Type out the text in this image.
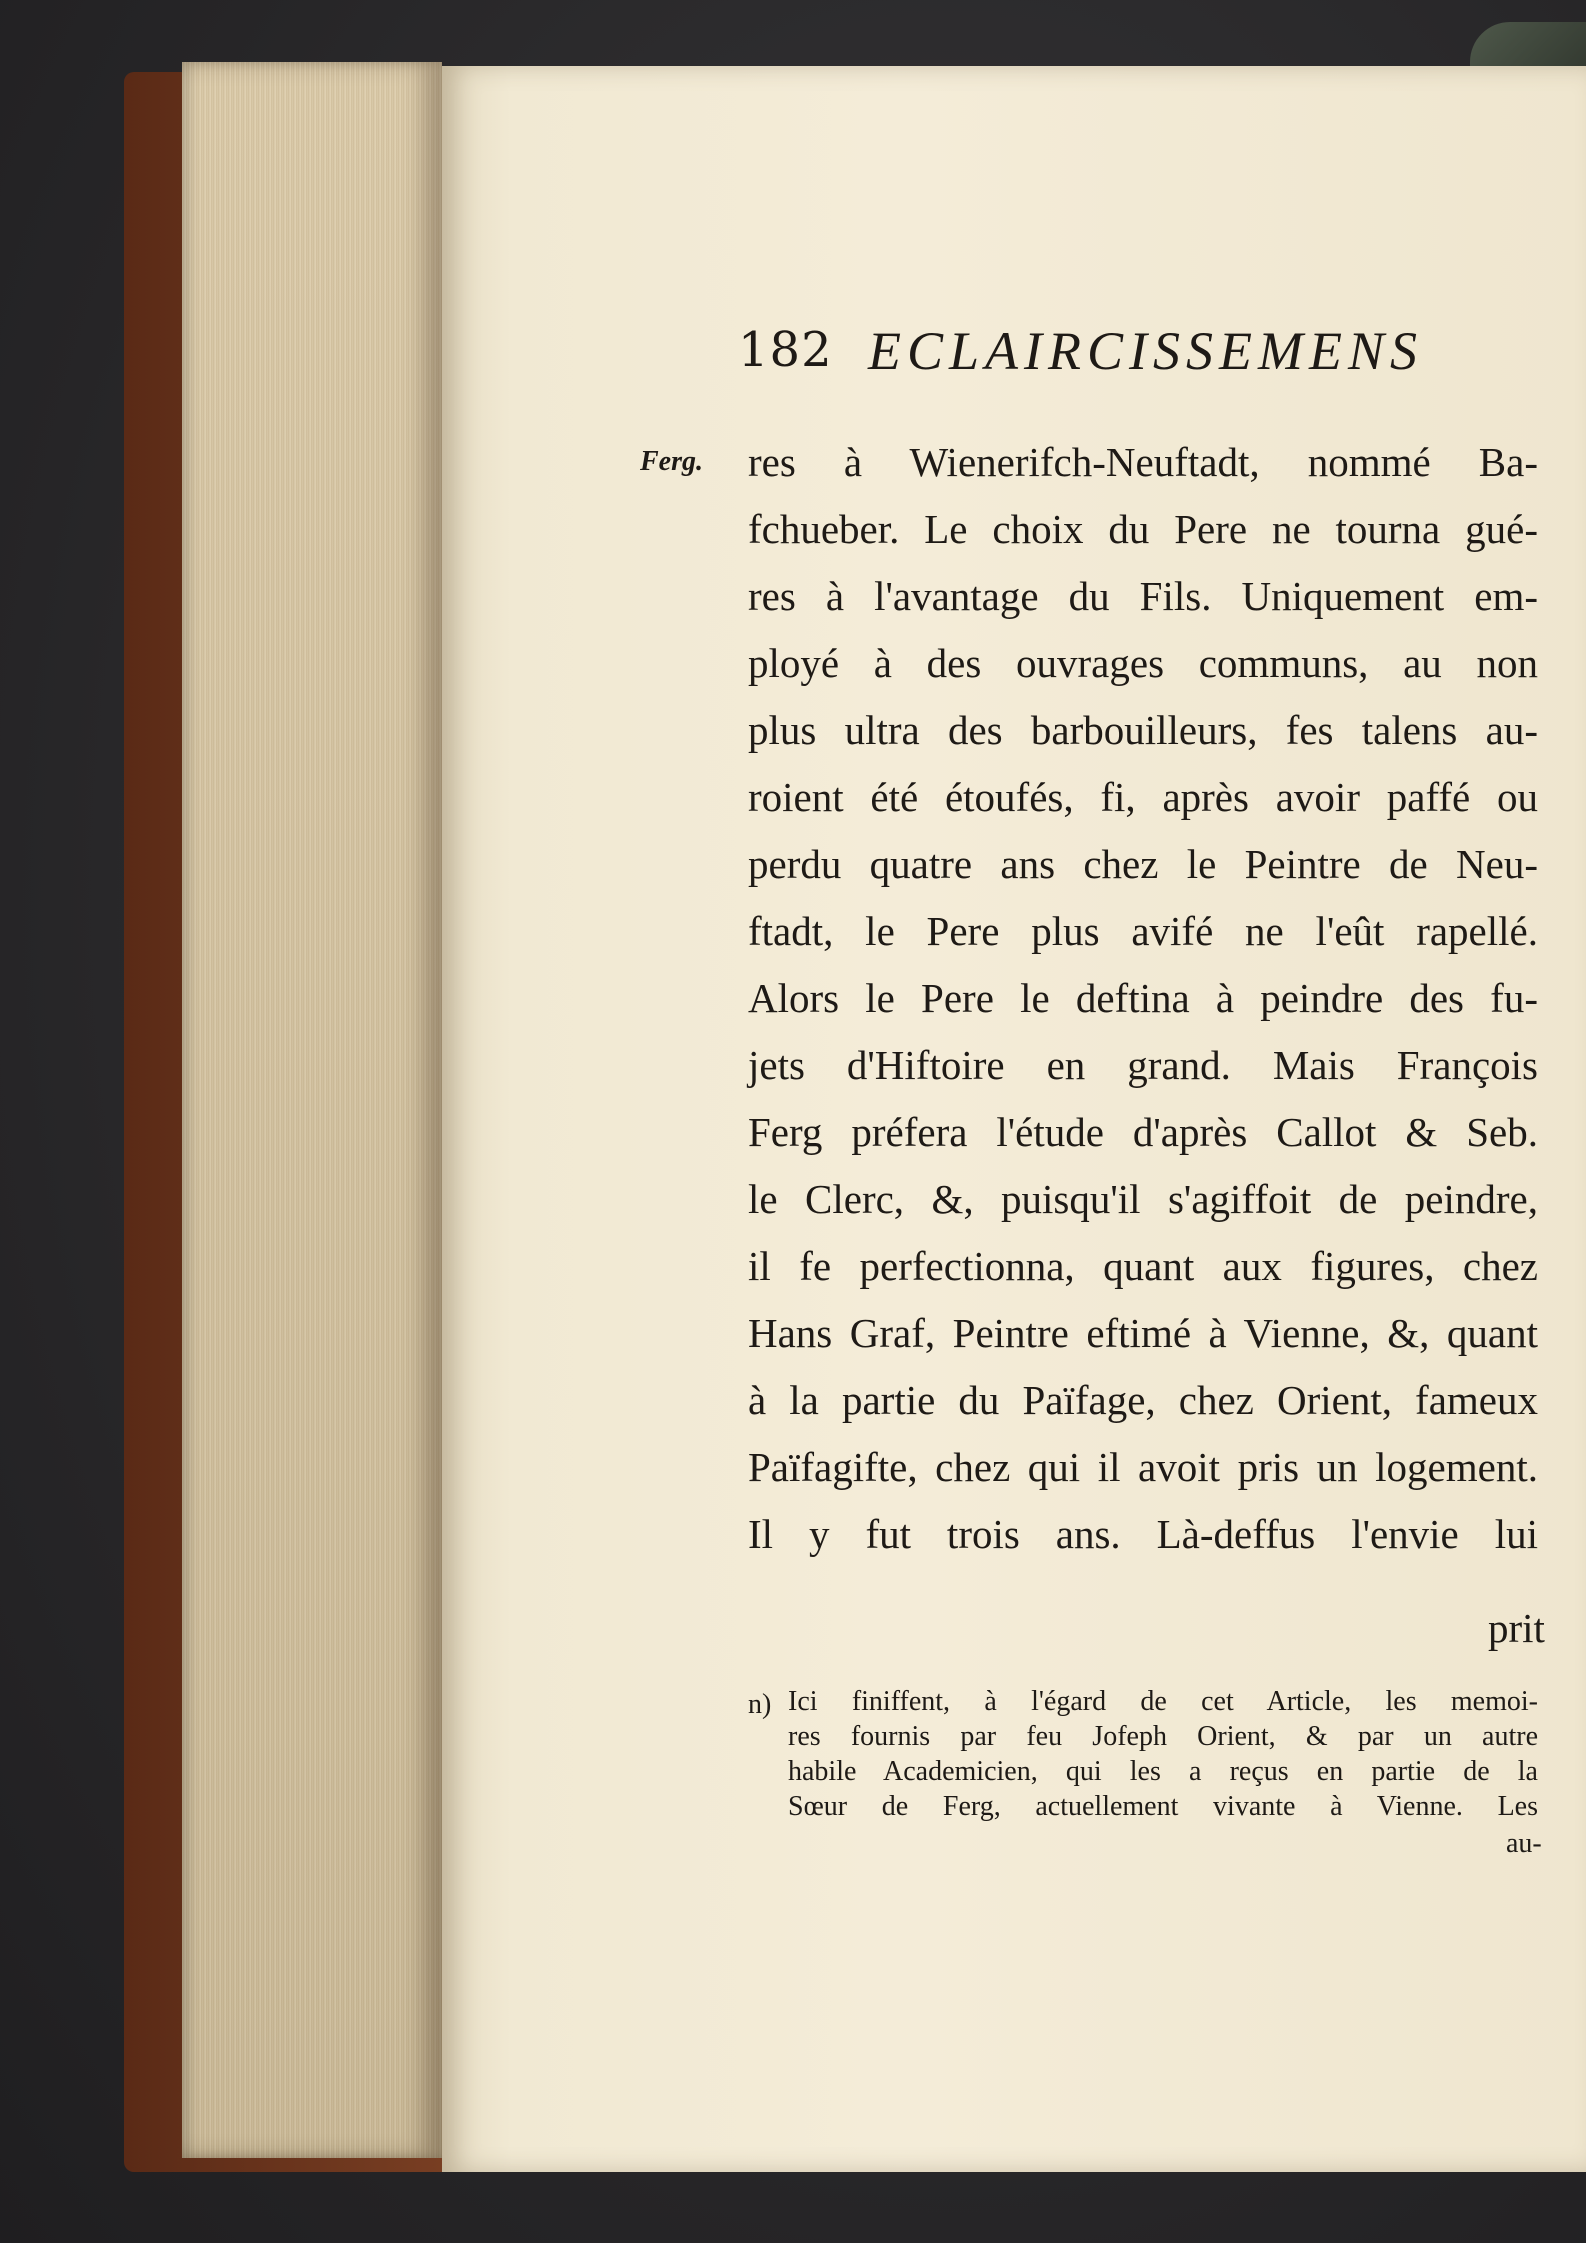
182 ECLAIRCISSEMENS
Ferg. res à Wienerifch-Neuftadt, nommé Ba-
fchueber. Le choix du Pere ne tourna gué-
res à l'avantage du Fils. Uniquement em-
ployé à des ouvrages communs, au non
plus ultra des barbouilleurs, fes talens au-
roient été étoufés, fi, après avoir paffé ou
perdu quatre ans chez le Peintre de Neu-
ftadt, le Pere plus avifé ne l'eût rapellé.
Alors le Pere le deftina à peindre des fu-
jets d'Hiftoire en grand. Mais François
Ferg préfera l'étude d'après Callot & Seb.
le Clerc, &, puisqu'il s'agiffoit de peindre,
il fe perfectionna, quant aux figures, chez
Hans Graf, Peintre eftimé à Vienne, &, quant
à la partie du Païfage, chez Orient, fameux
Païfagifte, chez qui il avoit pris un logement.
Il y fut trois ans. Là-deffus l'envie lui
prit
n) Ici finiffent, à l'égard de cet Article, les memoi-
res fournis par feu Jofeph Orient, & par un autre
habile Academicien, qui les a reçus en partie de la
Sœur de Ferg, actuellement vivante à Vienne. Les
au-
